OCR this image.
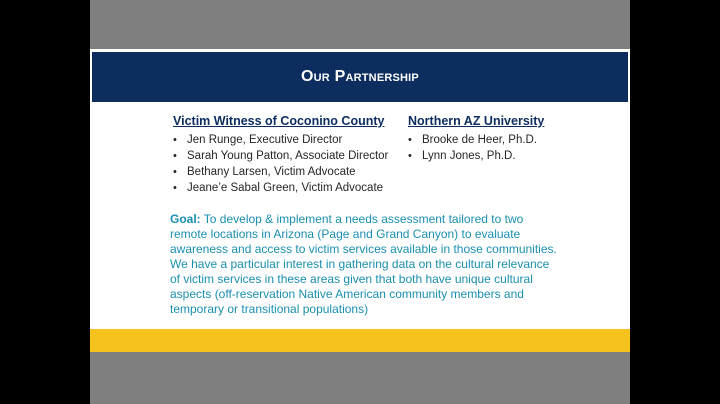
Our Partnership
Victim Witness of Coconino County
• Jen Runge, Executive Director
• Sarah Young Patton, Associate Director
• Bethany Larsen, Victim Advocate
• Jeane’e Sabal Green, Victim Advocate
Northern AZ University
• Brooke de Heer, Ph.D.
• Lynn Jones, Ph.D.
Goal: To develop & implement a needs assessment tailored to two remote locations in Arizona (Page and Grand Canyon) to evaluate awareness and access to victim services available in those communities. We have a particular interest in gathering data on the cultural relevance of victim services in these areas given that both have unique cultural aspects (off-reservation Native American community members and temporary or transitional populations)
